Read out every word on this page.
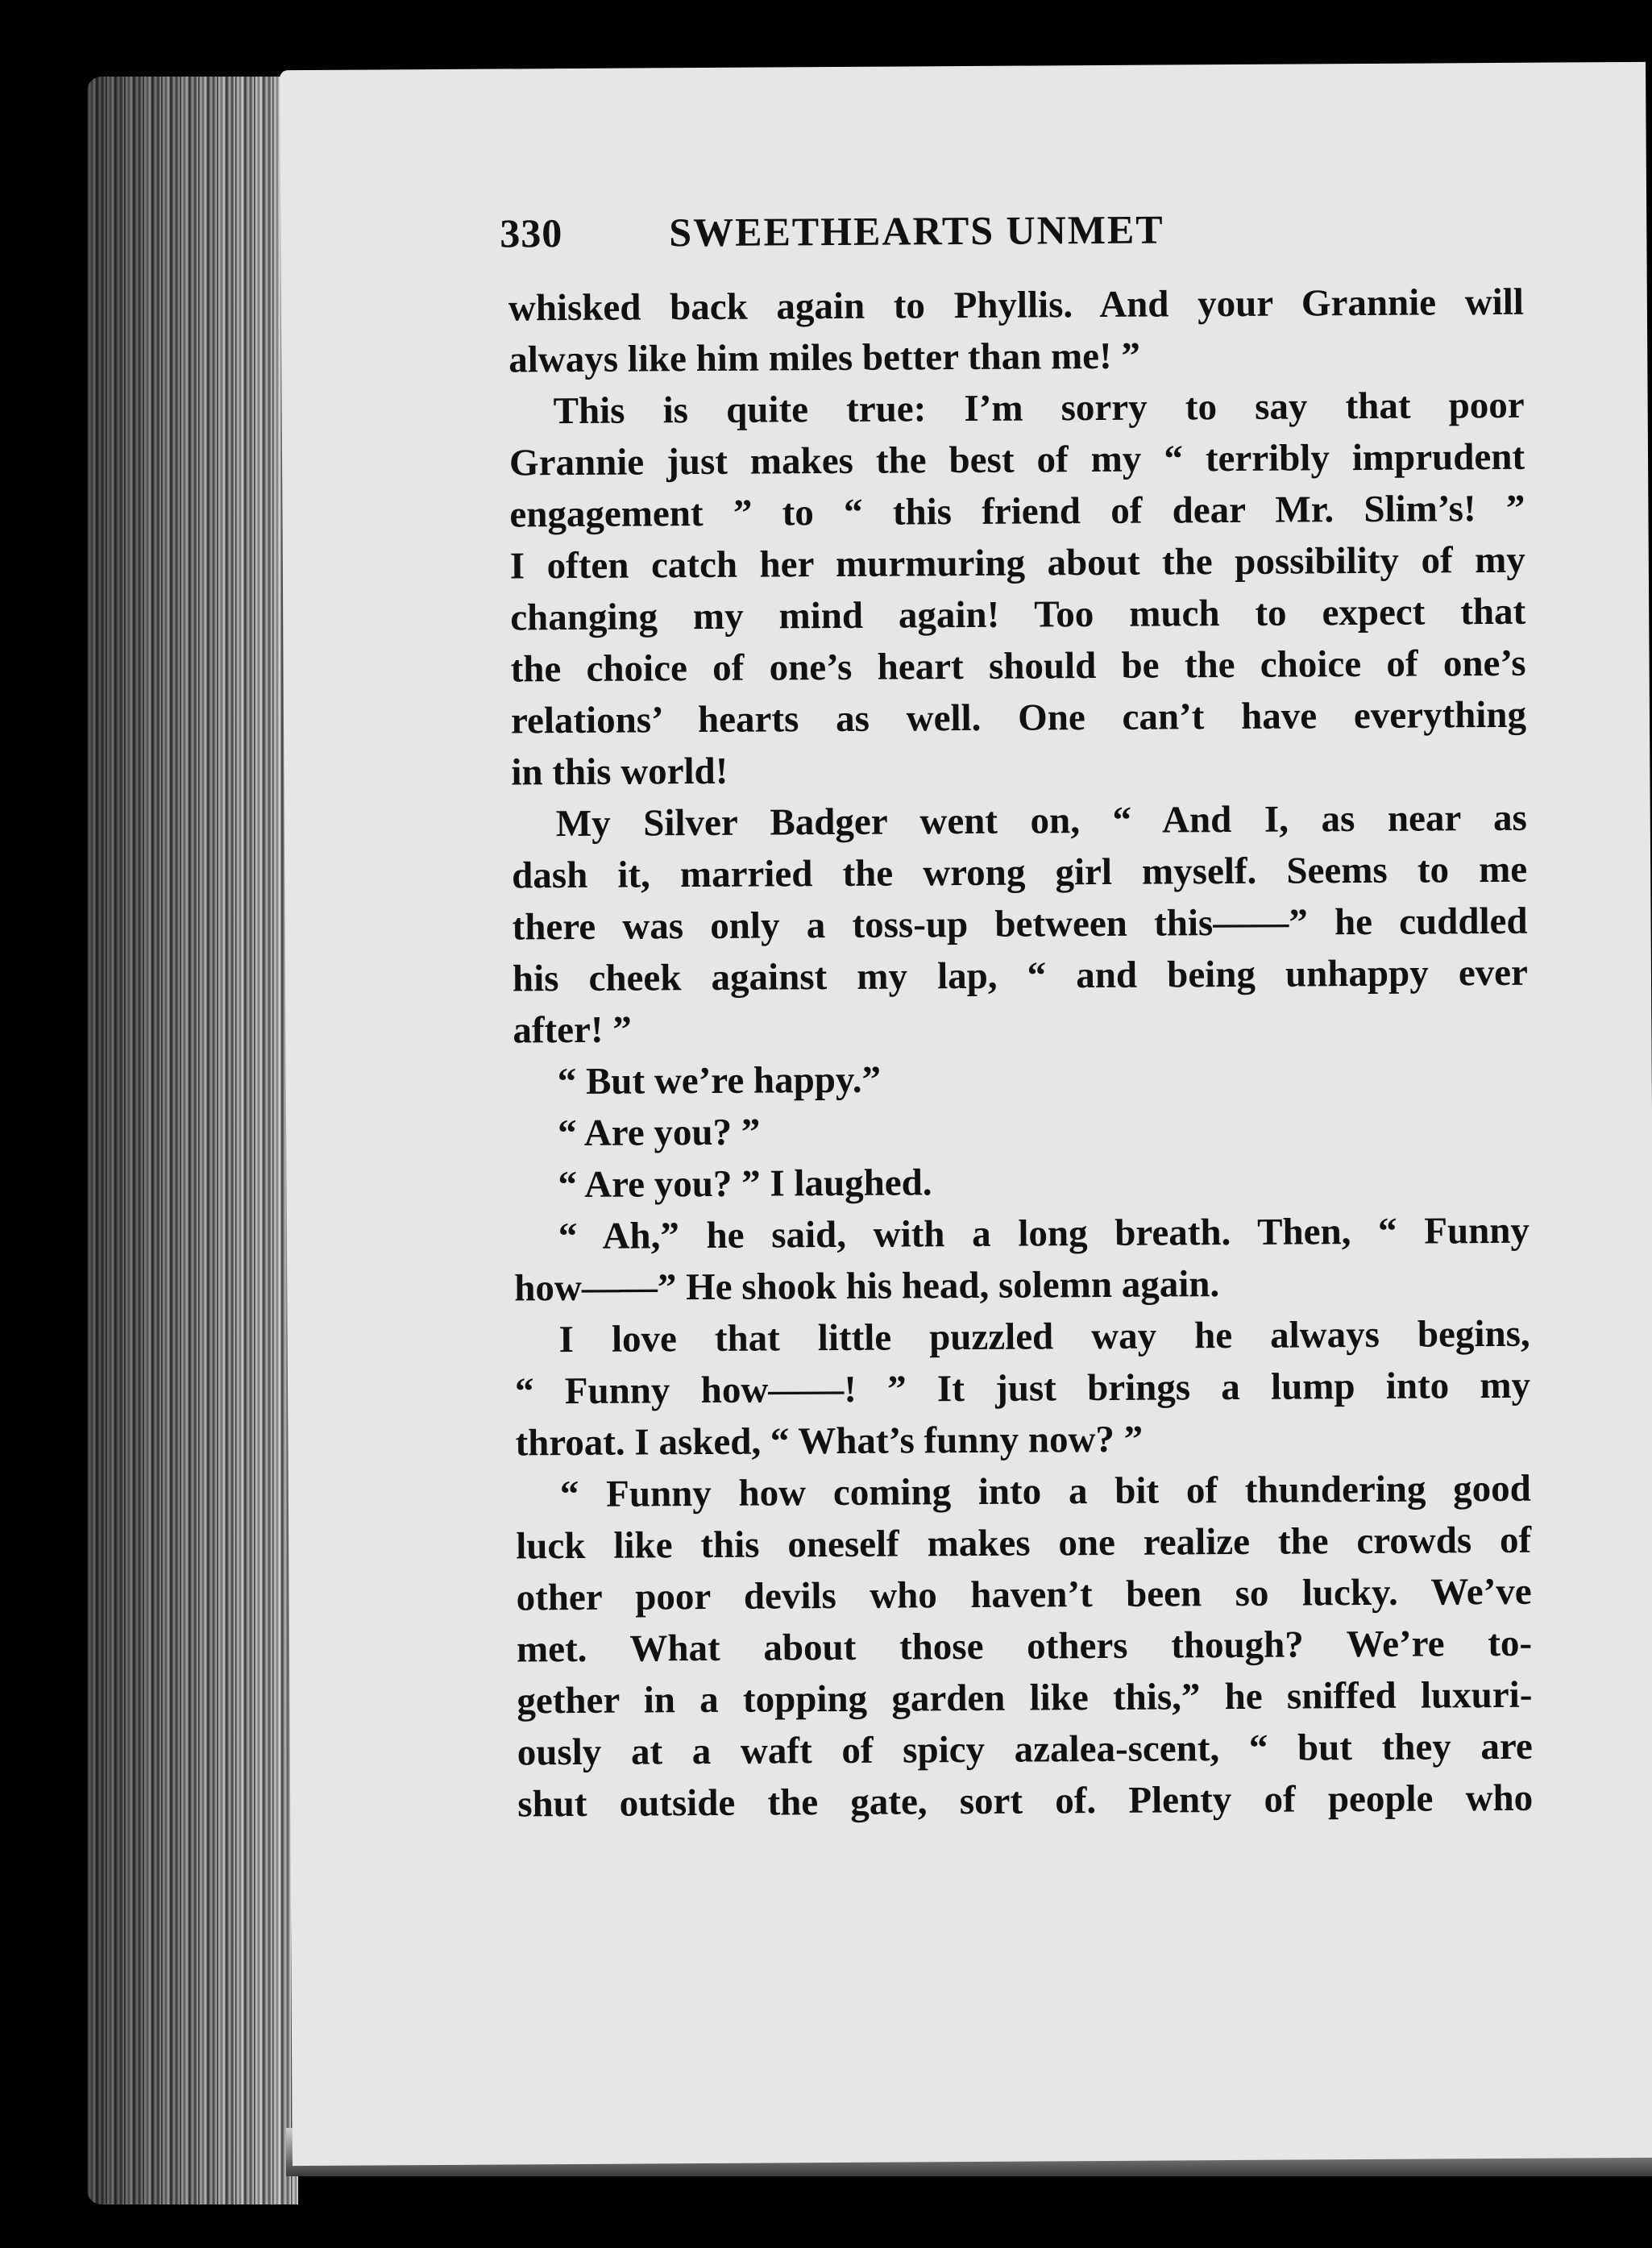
330	SWEETHEARTS UNMET
whisked back again to Phyllis. And your Grannie will
always like him miles better than me! ”
This is quite true: I’m sorry to say that poor
Grannie just makes the best of my “ terribly imprudent
engagement ” to “ this friend of dear Mr. Slim’s! ”
I often catch her murmuring about the possibility of my
changing my mind again! Too much to expect that
the choice of one’s heart should be the choice of one’s
relations’ hearts as well. One can’t have everything
in this world!
My Silver Badger went on, “ And I, as near as
dash it, married the wrong girl myself. Seems to me
there was only a toss-up between this——” he cuddled
his cheek against my lap, “ and being unhappy ever
after! ”
“ But we’re happy.”
“ Are you? ”
“ Are you? ” I laughed.
“ Ah,” he said, with a long breath. Then, “ Funny
how——” He shook his head, solemn again.
I love that little puzzled way he always begins,
“ Funny how——! ” It just brings a lump into my
throat. I asked, “ What’s funny now? ”
“ Funny how coming into a bit of thundering good
luck like this oneself makes one realize the crowds of
other poor devils who haven’t been so lucky. We’ve
met. What about those others though? We’re to-
gether in a topping garden like this,” he sniffed luxuri-
ously at a waft of spicy azalea-scent, “ but they are
shut outside the gate, sort of. Plenty of people who
